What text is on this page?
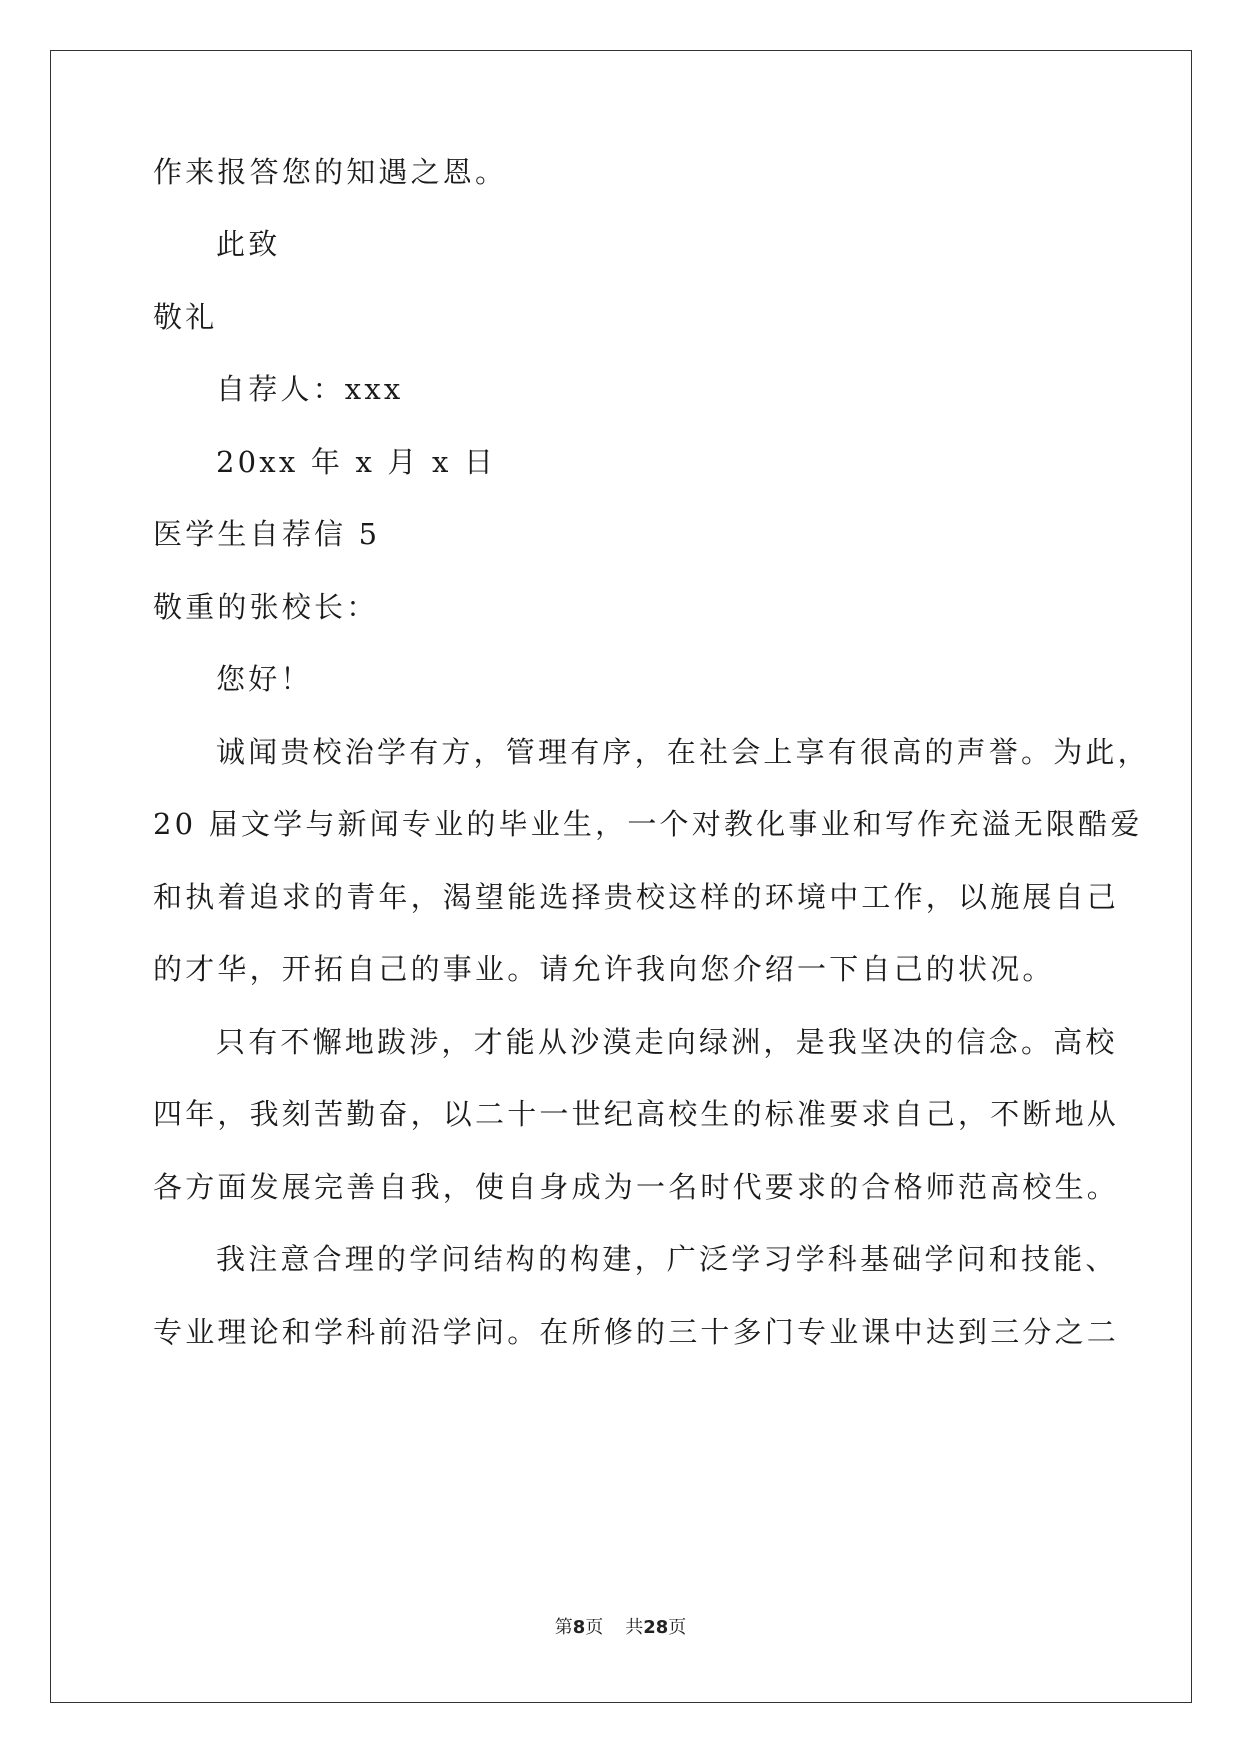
作来报答您的知遇之恩。
此致
敬礼
自荐人：xxx
20xx 年 x 月 x 日
医学生自荐信 5
敬重的张校长：
您好！
诚闻贵校治学有方，管理有序，在社会上享有很高的声誉。为此，
20 届文学与新闻专业的毕业生，一个对教化事业和写作充溢无限酷爱
和执着追求的青年，渴望能选择贵校这样的环境中工作，以施展自己
的才华，开拓自己的事业。请允许我向您介绍一下自己的状况。
只有不懈地跋涉，才能从沙漠走向绿洲，是我坚决的信念。高校
四年，我刻苦勤奋，以二十一世纪高校生的标准要求自己，不断地从
各方面发展完善自我，使自身成为一名时代要求的合格师范高校生。
我注意合理的学问结构的构建，广泛学习学科基础学问和技能、
专业理论和学科前沿学问。在所修的三十多门专业课中达到三分之二
第8页 共28页
